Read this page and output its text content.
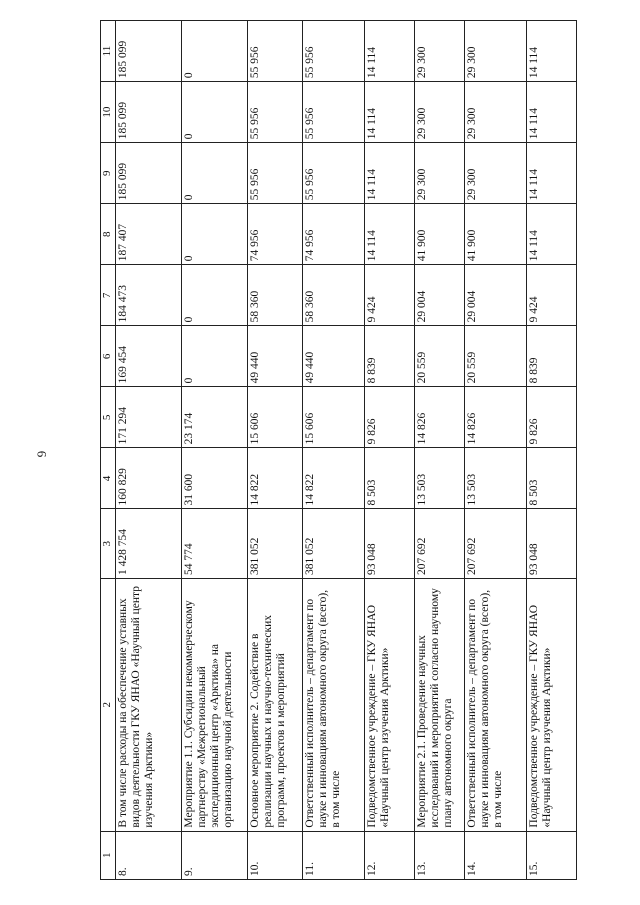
6
1	2	3	4	5	6	7	8	9	10	11
8.	В том числе расходы на обеспечение уставных видов деятельности ГКУ ЯНАО «Научный центр изучения Арктики»	1 428 754	160 829	171 294	169 454	184 473	187 407	185 099	185 099	185 099
9.	Мероприятие 1.1. Субсидии некоммерческому партнерству «Межрегиональный экспедиционный центр «Арктика» на организацию научной деятельности	54 774	31 600	23 174	0	0	0	0	0	0
10.	Основное мероприятие 2. Содействие в реализации научных и научно-технических программ, проектов и мероприятий	381 052	14 822	15 606	49 440	58 360	74 956	55 956	55 956	55 956
11.	Ответственный исполнитель – департамент по науке и инновациям автономного округа (всего), в том числе	381 052	14 822	15 606	49 440	58 360	74 956	55 956	55 956	55 956
12.	Подведомственное учреждение – ГКУ ЯНАО «Научный центр изучения Арктики»	93 048	8 503	9 826	8 839	9 424	14 114	14 114	14 114	14 114
13.	Мероприятие 2.1. Проведение научных исследований и мероприятий согласно научному плану автономного округа	207 692	13 503	14 826	20 559	29 004	41 900	29 300	29 300	29 300
14.	Ответственный исполнитель – департамент по науке и инновациям автономного округа (всего), в том числе	207 692	13 503	14 826	20 559	29 004	41 900	29 300	29 300	29 300
15.	Подведомственное учреждение – ГКУ ЯНАО «Научный центр изучения Арктики»	93 048	8 503	9 826	8 839	9 424	14 114	14 114	14 114	14 114
